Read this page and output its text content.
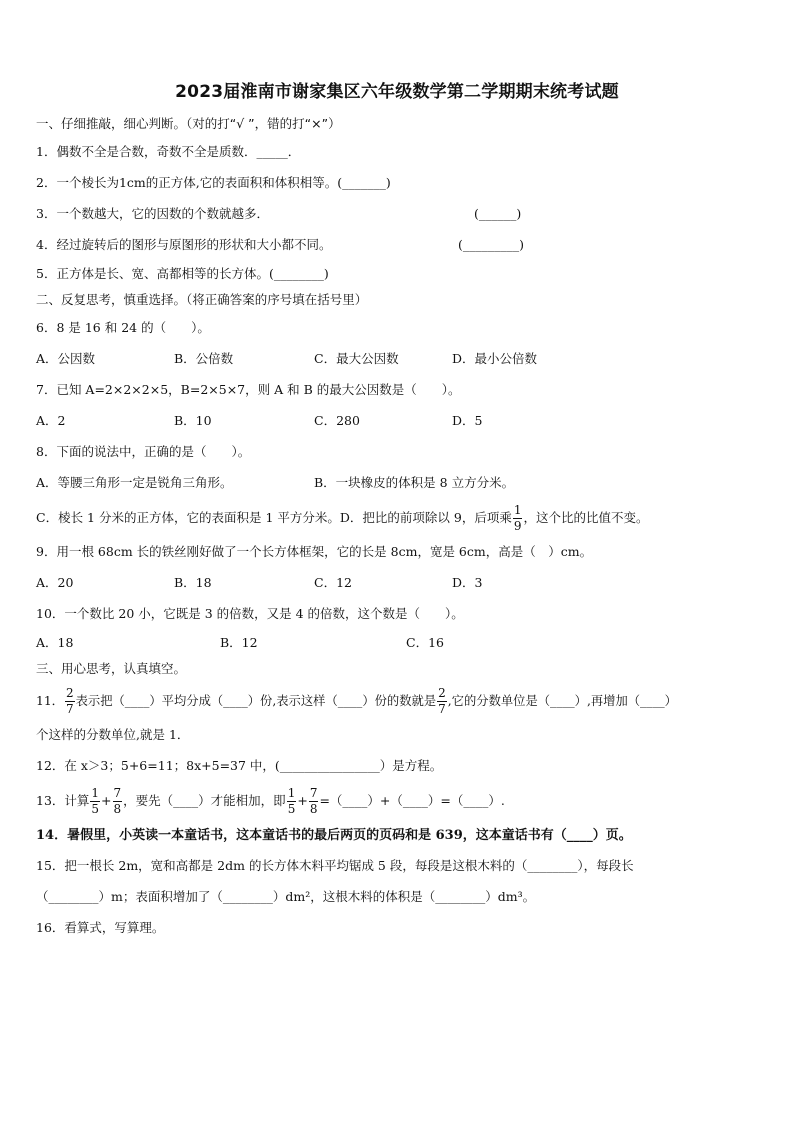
2023届淮南市谢家集区六年级数学第二学期期末统考试题
一、仔细推敲，细心判断。（对的打“√ ”，错的打“×”）
1．偶数不全是合数，奇数不全是质数．_____．
2．一个棱长为1cm的正方体,它的表面积和体积相等。(_______)
3．一个数越大，它的因数的个数就越多．	(______)
4．经过旋转后的图形与原图形的形状和大小都不同。	(_________)
5．正方体是长、宽、高都相等的长方体。(________)
二、反复思考，慎重选择。（将正确答案的序号填在括号里）
6．8 是 16 和 24 的（　　）。
A．公因数	B．公倍数	C．最大公因数	D．最小公倍数
7．已知 A=2×2×2×5，B=2×5×7，则 A 和 B 的最大公因数是（　　）。
A．2	B．10	C．280	D．5
8．下面的说法中，正确的是（　　）。
A．等腰三角形一定是锐角三角形。	B．一块橡皮的体积是 8 立方分米。
C．棱长 1 分米的正方体，它的表面积是 1 平方分米。 D．把比的前项除以 9，后项乘 $\frac{1}{9}$ ，这个比的比值不变。
9．用一根 68cm 长的铁丝刚好做了一个长方体框架，它的长是 8cm，宽是 6cm，高是（　）cm。
A．20	B．18	C．12	D．3
10．一个数比 20 小，它既是 3 的倍数，又是 4 的倍数，这个数是（　　）。
A．18	B．12	C．16
三、用心思考，认真填空。
11． $\frac{2}{7}$ 表示把（____）平均分成（____）份,表示这样（____）份的数就是 $\frac{2}{7}$ ,它的分数单位是（____）,再增加（____）
个这样的分数单位,就是 1．
12．在 x＞3；5+6=11；8x+5=37 中，(________________）是方程。
13．计算 $\frac{1}{5} + \frac{7}{8}$ ，要先（____）才能相加，即 $\frac{1}{5} + \frac{7}{8}$ =（____）+（____）=（____）.
14．暑假里，小英读一本童话书，这本童话书的最后两页的页码和是 639，这本童话书有（____）页。
15．把一根长 2m，宽和高都是 2dm 的长方体木料平均锯成 5 段，每段是这根木料的（________），每段长
（________）m；表面积增加了（________）dm²，这根木料的体积是（________）dm³。
16．看算式，写算理。
